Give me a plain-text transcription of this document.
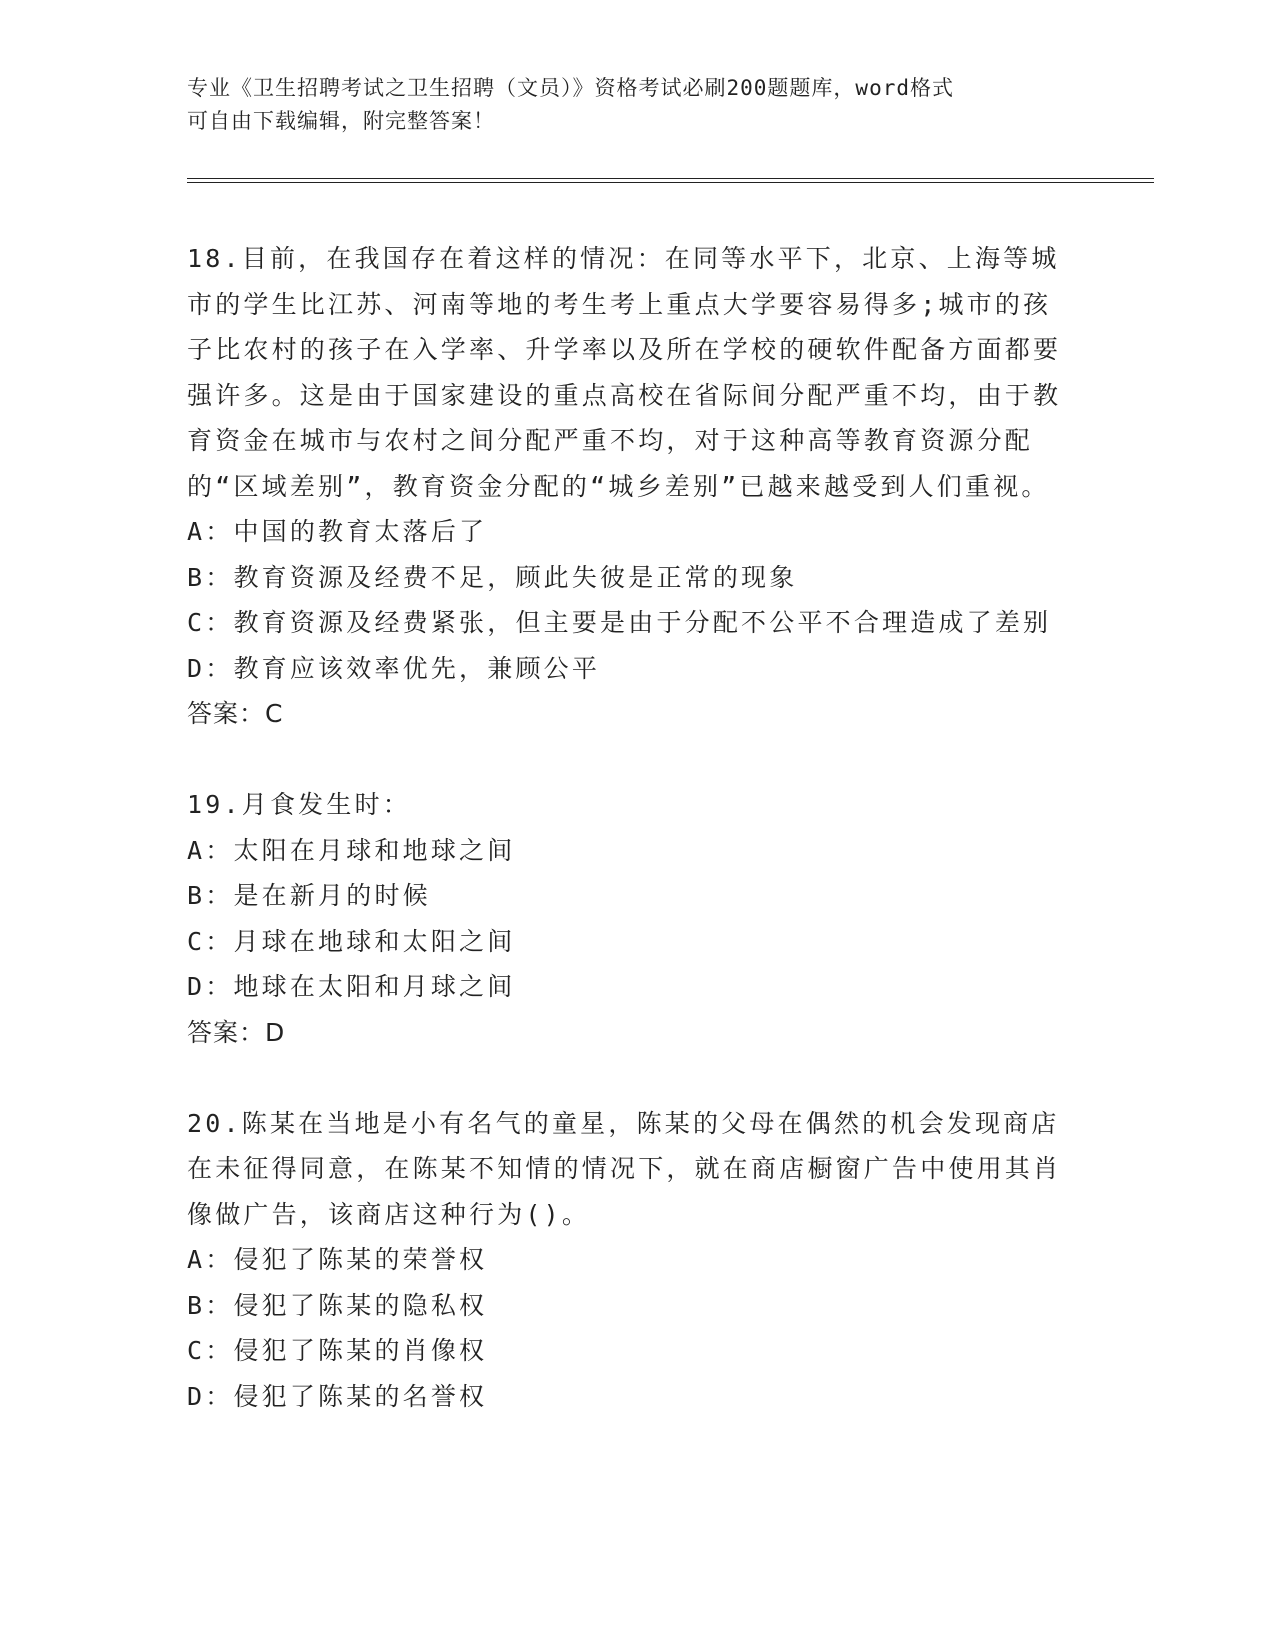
专业《卫生招聘考试之卫生招聘（文员）》资格考试必刷200题题库，word格式
可自由下载编辑，附完整答案！

18.目前，在我国存在着这样的情况：在同等水平下，北京、上海等城市的学生比江苏、河南等地的考生考上重点大学要容易得多;城市的孩子比农村的孩子在入学率、升学率以及所在学校的硬软件配备方面都要强许多。这是由于国家建设的重点高校在省际间分配严重不均，由于教育资金在城市与农村之间分配严重不均，对于这种高等教育资源分配的“区域差别”，教育资金分配的“城乡差别”已越来越受到人们重视。

A：中国的教育太落后了

B：教育资源及经费不足，顾此失彼是正常的现象

C：教育资源及经费紧张，但主要是由于分配不公平不合理造成了差别

D：教育应该效率优先，兼顾公平

答案：C

19.月食发生时：

A：太阳在月球和地球之间

B：是在新月的时候

C：月球在地球和太阳之间

D：地球在太阳和月球之间

答案：D

20.陈某在当地是小有名气的童星，陈某的父母在偶然的机会发现商店在未征得同意，在陈某不知情的情况下，就在商店橱窗广告中使用其肖像做广告，该商店这种行为()。

A：侵犯了陈某的荣誉权

B：侵犯了陈某的隐私权

C：侵犯了陈某的肖像权

D：侵犯了陈某的名誉权
